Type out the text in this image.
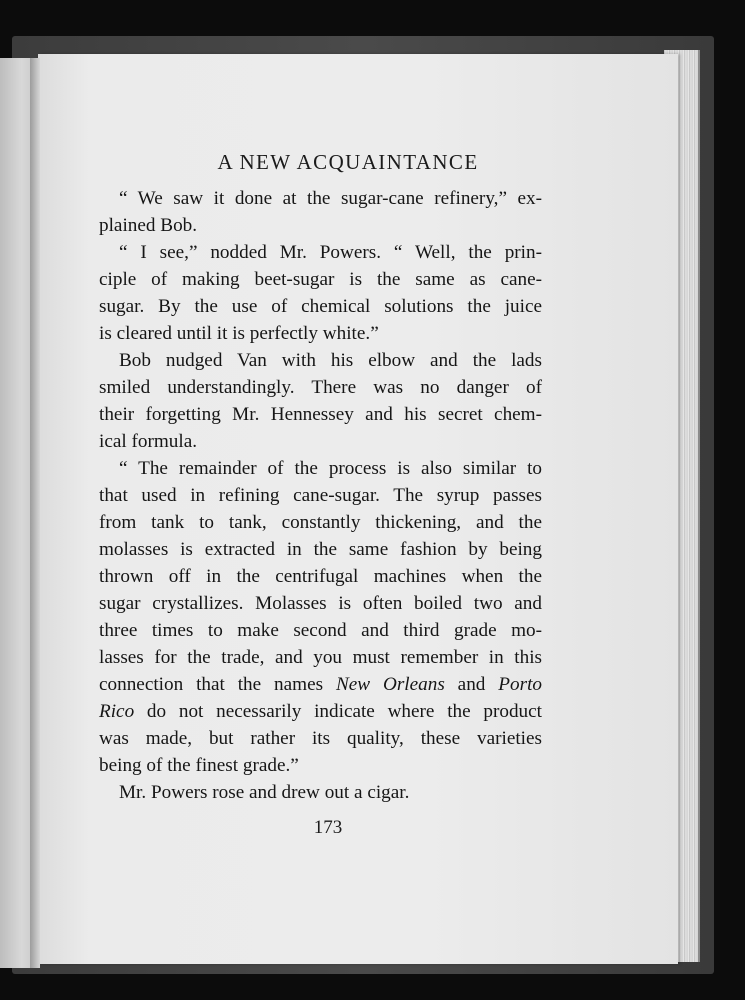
A NEW ACQUAINTANCE

“ We saw it done at the sugar-cane refinery,” ex-
plained Bob.

“ I see,” nodded Mr. Powers. “ Well, the prin-
ciple of making beet-sugar is the same as cane-
sugar. By the use of chemical solutions the juice
is cleared until it is perfectly white.”

Bob nudged Van with his elbow and the lads
smiled understandingly. There was no danger of
their forgetting Mr. Hennessey and his secret chem-
ical formula.

“ The remainder of the process is also similar to
that used in refining cane-sugar. The syrup passes
from tank to tank, constantly thickening, and the
molasses is extracted in the same fashion by being
thrown off in the centrifugal machines when the
sugar crystallizes. Molasses is often boiled two and
three times to make second and third grade mo-
lasses for the trade, and you must remember in this
connection that the names New Orleans and Porto
Rico do not necessarily indicate where the product
was made, but rather its quality, these varieties
being of the finest grade.”

Mr. Powers rose and drew out a cigar.

173
